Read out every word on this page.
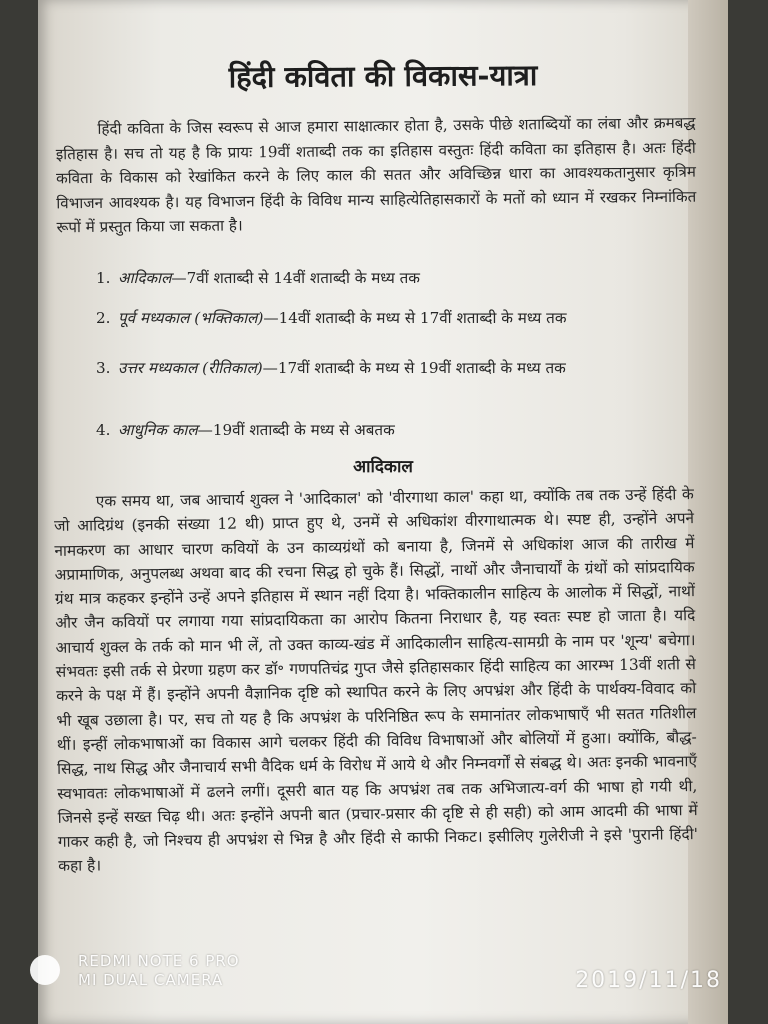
हिंदी कविता की विकास-यात्रा
हिंदी कविता के जिस स्वरूप से आज हमारा साक्षात्कार होता है, उसके पीछे शताब्दियों का लंबा और क्रमबद्ध इतिहास है। सच तो यह है कि प्रायः 19वीं शताब्दी तक का इतिहास वस्तुतः हिंदी कविता का इतिहास है। अतः हिंदी कविता के विकास को रेखांकित करने के लिए काल की सतत और अविच्छिन्न धारा का आवश्यकतानुसार कृत्रिम विभाजन आवश्यक है। यह विभाजन हिंदी के विविध मान्य साहित्येतिहासकारों के मतों को ध्यान में रखकर निम्नांकित रूपों में प्रस्तुत किया जा सकता है।
1. आदिकाल—7वीं शताब्दी से 14वीं शताब्दी के मध्य तक
2. पूर्व मध्यकाल (भक्तिकाल)—14वीं शताब्दी के मध्य से 17वीं शताब्दी के मध्य तक
3. उत्तर मध्यकाल (रीतिकाल)—17वीं शताब्दी के मध्य से 19वीं शताब्दी के मध्य तक
4. आधुनिक काल—19वीं शताब्दी के मध्य से अबतक
आदिकाल
एक समय था, जब आचार्य शुक्ल ने 'आदिकाल' को 'वीरगाथा काल' कहा था, क्योंकि तब तक उन्हें हिंदी के जो आदिग्रंथ (इनकी संख्या 12 थी) प्राप्त हुए थे, उनमें से अधिकांश वीरगाथात्मक थे। स्पष्ट ही, उन्होंने अपने नामकरण का आधार चारण कवियों के उन काव्यग्रंथों को बनाया है, जिनमें से अधिकांश आज की तारीख में अप्रामाणिक, अनुपलब्ध अथवा बाद की रचना सिद्ध हो चुके हैं। सिद्धों, नाथों और जैनाचार्यों के ग्रंथों को सांप्रदायिक ग्रंथ मात्र कहकर इन्होंने उन्हें अपने इतिहास में स्थान नहीं दिया है। भक्तिकालीन साहित्य के आलोक में सिद्धों, नाथों और जैन कवियों पर लगाया गया सांप्रदायिकता का आरोप कितना निराधार है, यह स्वतः स्पष्ट हो जाता है। यदि आचार्य शुक्ल के तर्क को मान भी लें, तो उक्त काव्य-खंड में आदिकालीन साहित्य-सामग्री के नाम पर 'शून्य' बचेगा। संभवतः इसी तर्क से प्रेरणा ग्रहण कर डॉ॰ गणपतिचंद्र गुप्त जैसे इतिहासकार हिंदी साहित्य का आरम्भ 13वीं शती से करने के पक्ष में हैं। इन्होंने अपनी वैज्ञानिक दृष्टि को स्थापित करने के लिए अपभ्रंश और हिंदी के पार्थक्य-विवाद को भी खूब उछाला है। पर, सच तो यह है कि अपभ्रंश के परिनिष्ठित रूप के समानांतर लोकभाषाएँ भी सतत गतिशील थीं। इन्हीं लोकभाषाओं का विकास आगे चलकर हिंदी की विविध विभाषाओं और बोलियों में हुआ। क्योंकि, बौद्ध-सिद्ध, नाथ सिद्ध और जैनाचार्य सभी वैदिक धर्म के विरोध में आये थे और निम्नवर्गों से संबद्ध थे। अतः इनकी भावनाएँ स्वभावतः लोकभाषाओं में ढलने लगीं। दूसरी बात यह कि अपभ्रंश तब तक अभिजात्य-वर्ग की भाषा हो गयी थी, जिनसे इन्हें सख्त चिढ़ थी। अतः इन्होंने अपनी बात (प्रचार-प्रसार की दृष्टि से ही सही) को आम आदमी की भाषा में गाकर कही है, जो निश्चय ही अपभ्रंश से भिन्न है और हिंदी से काफी निकट। इसीलिए गुलेरीजी ने इसे 'पुरानी हिंदी' कहा है।
REDMI NOTE 6 PRO
MI DUAL CAMERA	2019/11/18
